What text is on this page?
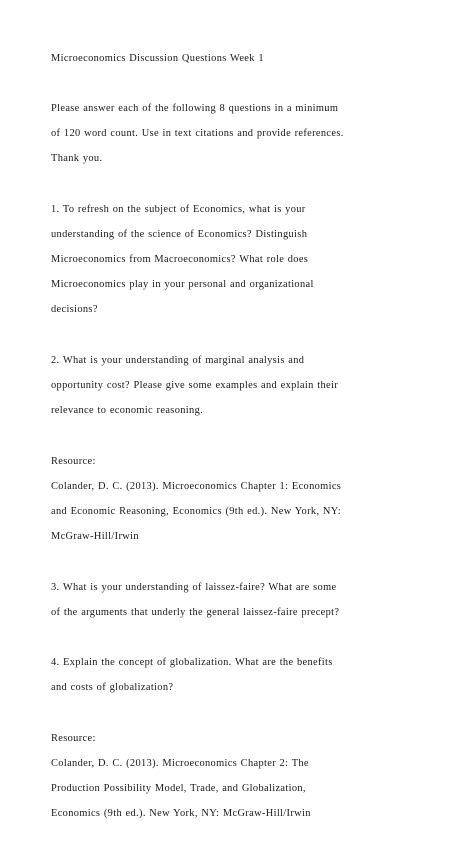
Microeconomics Discussion Questions Week 1

Please answer each of the following 8 questions in a minimum

of 120 word count. Use in text citations and provide references.

Thank you.

1. To refresh on the subject of Economics, what is your

understanding of the science of Economics? Distinguish

Microeconomics from Macroeconomics? What role does

Microeconomics play in your personal and organizational

decisions?

2. What is your understanding of marginal analysis and

opportunity cost? Please give some examples and explain their

relevance to economic reasoning.

Resource:

Colander, D. C. (2013). Microeconomics Chapter 1: Economics

and Economic Reasoning, Economics (9th ed.). New York, NY:

McGraw-Hill/Irwin

3. What is your understanding of laissez-faire? What are some

of the arguments that underly the general laissez-faire precept?

4. Explain the concept of globalization. What are the benefits

and costs of globalization?

Resource:

Colander, D. C. (2013). Microeconomics Chapter 2: The

Production Possibility Model, Trade, and Globalization,

Economics (9th ed.). New York, NY: McGraw-Hill/Irwin
